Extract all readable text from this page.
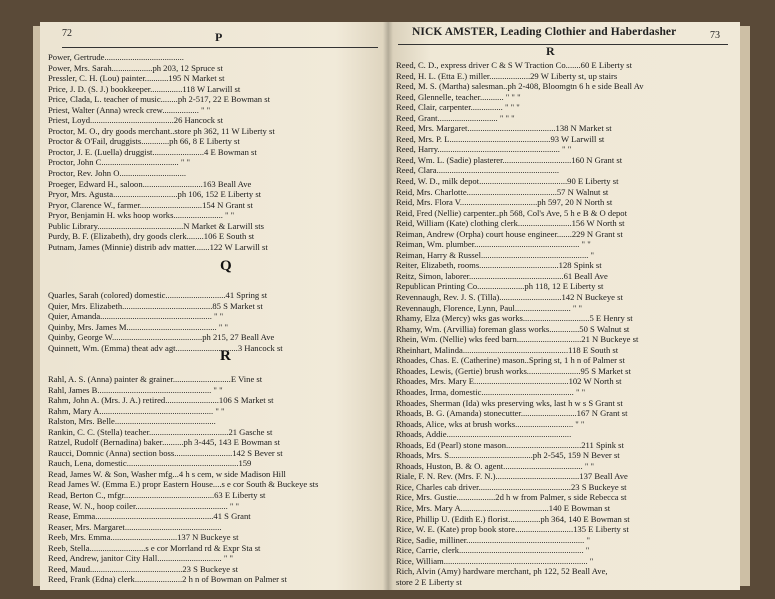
72	P
Power, Gertrude.....................................
Power, Mrs. Sarah...................ph 203, 12 Spruce st
Pressler, C. H. (Lou) painter...........195 N Market st
Price, J. D. (S. J.) bookkeeper...............118 W Larwill st
Price, Clada, L. teacher of music........ph 2-517, 22 E Bowman st
Priest, Walter (Anna) wreck crew................. " "
Priest, Loyd.......................................26 Hancock st
Proctor, M. O., dry goods merchant..store ph 362, 11 W Liberty st
Proctor & O'Fail, druggists.............ph 66, 8 E Liberty st
Proctor, J. E. (Luella) druggist........................4 E Bowman st
Proctor, John C.................................... " "
Proctor, Rev. John O...............................
Proeger, Edward H., saloon............................163 Beall Ave
Pryor, Mrs. Agusta..............................ph 106, 152 E Liberty st
Pryor, Clarence W., farmer.............................154 N Grant st
Pryor, Benjamin H. wks hoop works....................... " "
Public Library........................................N Market & Larwill sts
Purdy, B. F. (Elizabeth), dry goods clerk........106 E South st
Putnam, James (Minnie) distrib adv matter.......122 W Larwill st
Q
Quarles, Sarah (colored) domestic............................41 Spring st
Quier, Mrs. Elizabeth..........................................85 S Market st
Quier, Amanda.................................................... " "
Quinby, Mrs. James M.......................................... " "
Quinby, George W..........................................ph 215, 27 Beall Ave
Quinnett, Wm. (Emma) theat adv agt.............................3 Hancock st
R
Rahl, A. S. (Anna) painter & grainer...........................E Vine st
Rahl, James B..................................................... " "
Rahm, John A. (Mrs. J. A.) retired.........................106 S Market st
Rahm, Mary A..................................................... " "
Ralston, Mrs. Belle...............................................
Rankin, C. C. (Stella) teacher.....................................21 Gasche st
Ratzel, Rudolf (Bernadina) baker..........ph 3-445, 143 E Bowman st
Raucci, Domnic (Anna) section boss...........................142 S Bever st
Rauch, Lena, domestic....................................................159
Read, James W. & Son, Washer mfg...4 h s cem, w side Madison Hill
Read James W. (Emma E.) propr Eastern House....s e cor South & Buckeye sts
Read, Berton C., mfgr..........................................63 E Liberty st
Rease, W. N., hoop coiler........................................... " "
Rease, Emma.......................................................41 S Grant
Reaser, Mrs. Margaret.............................................
Reeb, Mrs. Emma...............................137 N Buckeye st
Reeb, Stella..........................s e cor Morrland rd & Expr Sta st
Reed, Andrew, janitor City Hall.............................. " "
Reed, Maud...........................................23 S Buckeye st
Reed, Frank (Edna) clerk......................2 h n of Bowman on Palmer st
NICK AMSTER, Leading Clothier and Haberdasher	73
R
Reed, C. D., express driver C & S W Traction Co.......60 E Liberty st
Reed, H. L. (Etta E.) miller...................29 W Liberty st, up stairs
Reed, M. S. (Martha) salesman..ph 2-408, Bloomgtn 6 h e side Beall Av
Reed, Glennelle, teacher........... " " "
Reed, Clair, carpenter............... " " "
Reed, Grant............................ " " "
Reed, Mrs. Margaret.........................................138 N Market st
Reed, Mrs. P. L...............................................93 W Larwill st
Reed, Harry......................................................... " "
Reed, Wm. L. (Sadie) plasterer................................160 N Grant st
Reed, Clara.........................................................
Reed, W. D., milk depot.........................................90 E Liberty st
Reid, Mrs. Charlotte..........................................57 N Walnut st
Reid, Mrs. Flora V....................................ph 597, 20 N North st
Reid, Fred (Nellie) carpenter..ph 568, Col's Ave, 5 h e B & O depot
Reid, William (Kate) clothing clerk.........................156 W North st
Reiman, Andrew (Orpha) court house engineer.......229 N Grant st
Reiman, Wm. plumber................................................. " "
Reiman, Harry & Russel.................................................. "
Reiter, Elizabeth, rooms.....................................128 Spink st
Reitz, Simon, laborer............................................61 Beall Ave
Republican Printing Co......................ph 118, 12 E Liberty st
Revennaugh, Rev. J. S. (Tilla).............................142 N Buckeye st
Revennaugh, Florence, Lynn, Paul.......................... " "
Rhamy, Elza (Mercy) wks gas works...............................5 E Henry st
Rhamy, Wm. (Arvillia) foreman glass works..............50 S Walnut st
Rhein, Wm. (Nellie) wks feed barn..............................21 N Buckeye st
Rheinhart, Malinda.................................................118 E South st
Rhoades, Chas. E. (Catherine) mason..Spring st, 1 h n of Palmer st
Rhoades, Lewis, (Gertie) brush works.........................95 S Market st
Rhoades, Mrs. Mary E............................................102 W North st
Rhoades, Irma, domestic........................................... " "
Rhoades, Sherman (Ida) wks preserving wks, last h w s S Grant st
Rhoads, B. G. (Amanda) stonecutter..........................167 N Grant st
Rhoads, Alice, wks at brush works........................... " "
Rhoads, Addie..........................................................
Rhoads, Ed (Pearl) stone mason...................................211 Spink st
Rhoads, Mrs. S.......................................ph 2-545, 159 N Bever st
Rhoads, Huston, B. & O. agent..................................... " "
Riale, F. N. Rev. (Mrs. F. N.).......................................137 Beall Ave
Rice, Charles cab driver...........................................23 S Buckeye st
Rice, Mrs. Gustie..................2d h w from Palmer, s side Rebecca st
Rice, Mrs. Mary A.........................................140 E Bowman st
Rice, Phillip U. (Edith E.) florist...............ph 364, 140 E Bowman st
Rice, W. E. (Kate) prop book store...........................135 E Liberty st
Rice, Sadie, milliner....................................................... "
Rice, Carrie, clerk.......................................................... "
Rice, William................................................................... "
Rich, Alvin (Amy) hardware merchant, ph 122, 52 Beall Ave,
store 2 E Liberty st
